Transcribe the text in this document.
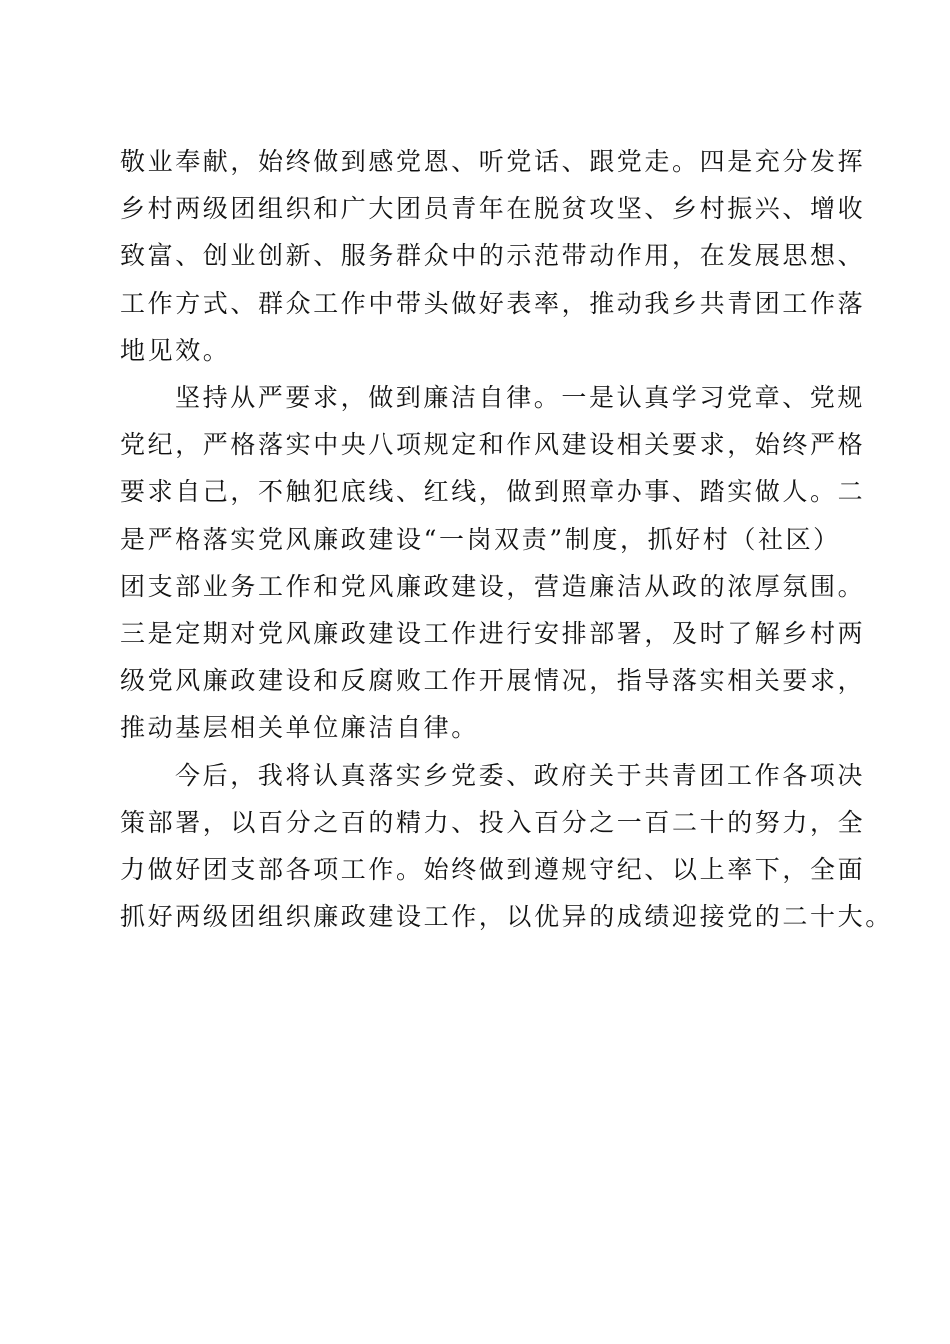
敬业奉献，始终做到感党恩、听党话、跟党走。四是充分发挥
乡村两级团组织和广大团员青年在脱贫攻坚、乡村振兴、增收
致富、创业创新、服务群众中的示范带动作用，在发展思想、
工作方式、群众工作中带头做好表率，推动我乡共青团工作落
地见效。
坚持从严要求，做到廉洁自律。一是认真学习党章、党规
党纪，严格落实中央八项规定和作风建设相关要求，始终严格
要求自己，不触犯底线、红线，做到照章办事、踏实做人。二
是严格落实党风廉政建设“一岗双责”制度，抓好村（社区）
团支部业务工作和党风廉政建设，营造廉洁从政的浓厚氛围。
三是定期对党风廉政建设工作进行安排部署，及时了解乡村两
级党风廉政建设和反腐败工作开展情况，指导落实相关要求，
推动基层相关单位廉洁自律。
今后，我将认真落实乡党委、政府关于共青团工作各项决
策部署，以百分之百的精力、投入百分之一百二十的努力，全
力做好团支部各项工作。始终做到遵规守纪、以上率下，全面
抓好两级团组织廉政建设工作，以优异的成绩迎接党的二十大。
